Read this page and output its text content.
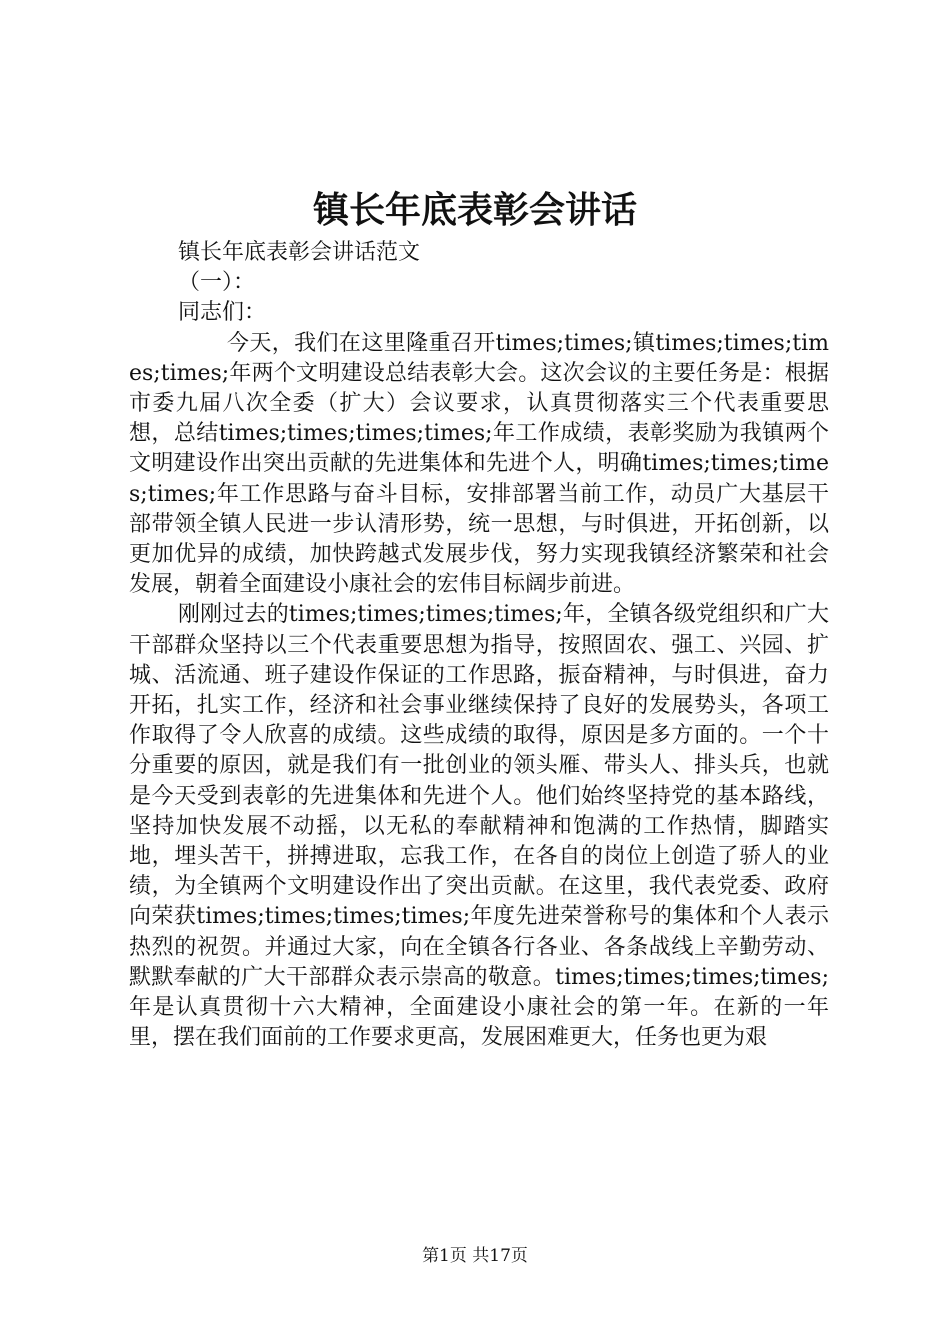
镇长年底表彰会讲话

镇长年底表彰会讲话范文

（一）：

同志们：

今天，我们在这里隆重召开times;times;镇times;times;times;times;年两个文明建设总结表彰大会。这次会议的主要任务是：根据市委九届八次全委（扩大）会议要求，认真贯彻落实三个代表重要思想，总结times;times;times;times;年工作成绩，表彰奖励为我镇两个文明建设作出突出贡献的先进集体和先进个人，明确times;times;times;times;年工作思路与奋斗目标，安排部署当前工作，动员广大基层干部带领全镇人民进一步认清形势，统一思想，与时俱进，开拓创新，以更加优异的成绩，加快跨越式发展步伐，努力实现我镇经济繁荣和社会发展，朝着全面建设小康社会的宏伟目标阔步前进。

刚刚过去的times;times;times;times;年，全镇各级党组织和广大干部群众坚持以三个代表重要思想为指导，按照固农、强工、兴园、扩城、活流通、班子建设作保证的工作思路，振奋精神，与时俱进，奋力开拓，扎实工作，经济和社会事业继续保持了良好的发展势头，各项工作取得了令人欣喜的成绩。这些成绩的取得，原因是多方面的。一个十分重要的原因，就是我们有一批创业的领头雁、带头人、排头兵，也就是今天受到表彰的先进集体和先进个人。他们始终坚持党的基本路线，坚持加快发展不动摇，以无私的奉献精神和饱满的工作热情，脚踏实地，埋头苦干，拼搏进取，忘我工作，在各自的岗位上创造了骄人的业绩，为全镇两个文明建设作出了突出贡献。在这里，我代表党委、政府向荣获times;times;times;times;年度先进荣誉称号的集体和个人表示热烈的祝贺。并通过大家，向在全镇各行各业、各条战线上辛勤劳动、默默奉献的广大干部群众表示崇高的敬意。times;times;times;times;年是认真贯彻十六大精神，全面建设小康社会的第一年。在新的一年里，摆在我们面前的工作要求更高，发展困难更大，任务也更为艰

第1页 共17页
